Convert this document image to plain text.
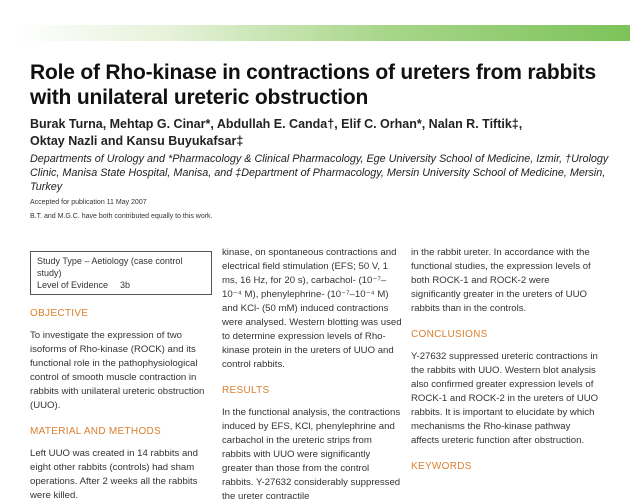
Role of Rho-kinase in contractions of ureters from rabbits with unilateral ureteric obstruction
Burak Turna, Mehtap G. Cinar*, Abdullah E. Canda†, Elif C. Orhan*, Nalan R. Tiftik‡,
Oktay Nazli and Kansu Buyukafsar‡
Departments of Urology and *Pharmacology & Clinical Pharmacology, Ege University School of Medicine, Izmir, †Urology Clinic, Manisa State Hospital, Manisa, and ‡Department of Pharmacology, Mersin University School of Medicine, Mersin, Turkey
Accepted for publication 11 May 2007
B.T. and M.G.C. have both contributed equally to this work.
Study Type – Aetiology (case control study)
Level of Evidence 3b
OBJECTIVE

To investigate the expression of two isoforms of Rho-kinase (ROCK) and its functional role in the pathophysiological control of smooth muscle contraction in rabbits with unilateral ureteric obstruction (UUO).

MATERIAL AND METHODS

Left UUO was created in 14 rabbits and eight other rabbits (controls) had sham operations. After 2 weeks all the rabbits were killed.

kinase, on spontaneous contractions and electrical field stimulation (EFS; 50 V, 1 ms, 16 Hz, for 20 s), carbachol- (10⁻⁷–10⁻⁴ M), phenylephrine- (10⁻⁷–10⁻⁴ M) and KCl- (50 mM) induced contractions were analysed. Western blotting was used to determine expression levels of Rho-kinase protein in the ureters of UUO and control rabbits.

RESULTS

In the functional analysis, the contractions induced by EFS, KCl, phenylephrine and carbachol in the ureteric strips from rabbits with UUO were significantly greater than those from the control rabbits. Y-27632 considerably suppressed the ureter contractile

in the rabbit ureter. In accordance with the functional studies, the expression levels of both ROCK-1 and ROCK-2 were significantly greater in the ureters of UUO rabbits than in the controls.

CONCLUSIONS

Y-27632 suppressed ureteric contractions in the rabbits with UUO. Western blot analysis also confirmed greater expression levels of ROCK-1 and ROCK-2 in the ureters of UUO rabbits. It is important to elucidate by which mechanisms the Rho-kinase pathway affects ureteric function after obstruction.

KEYWORDS
